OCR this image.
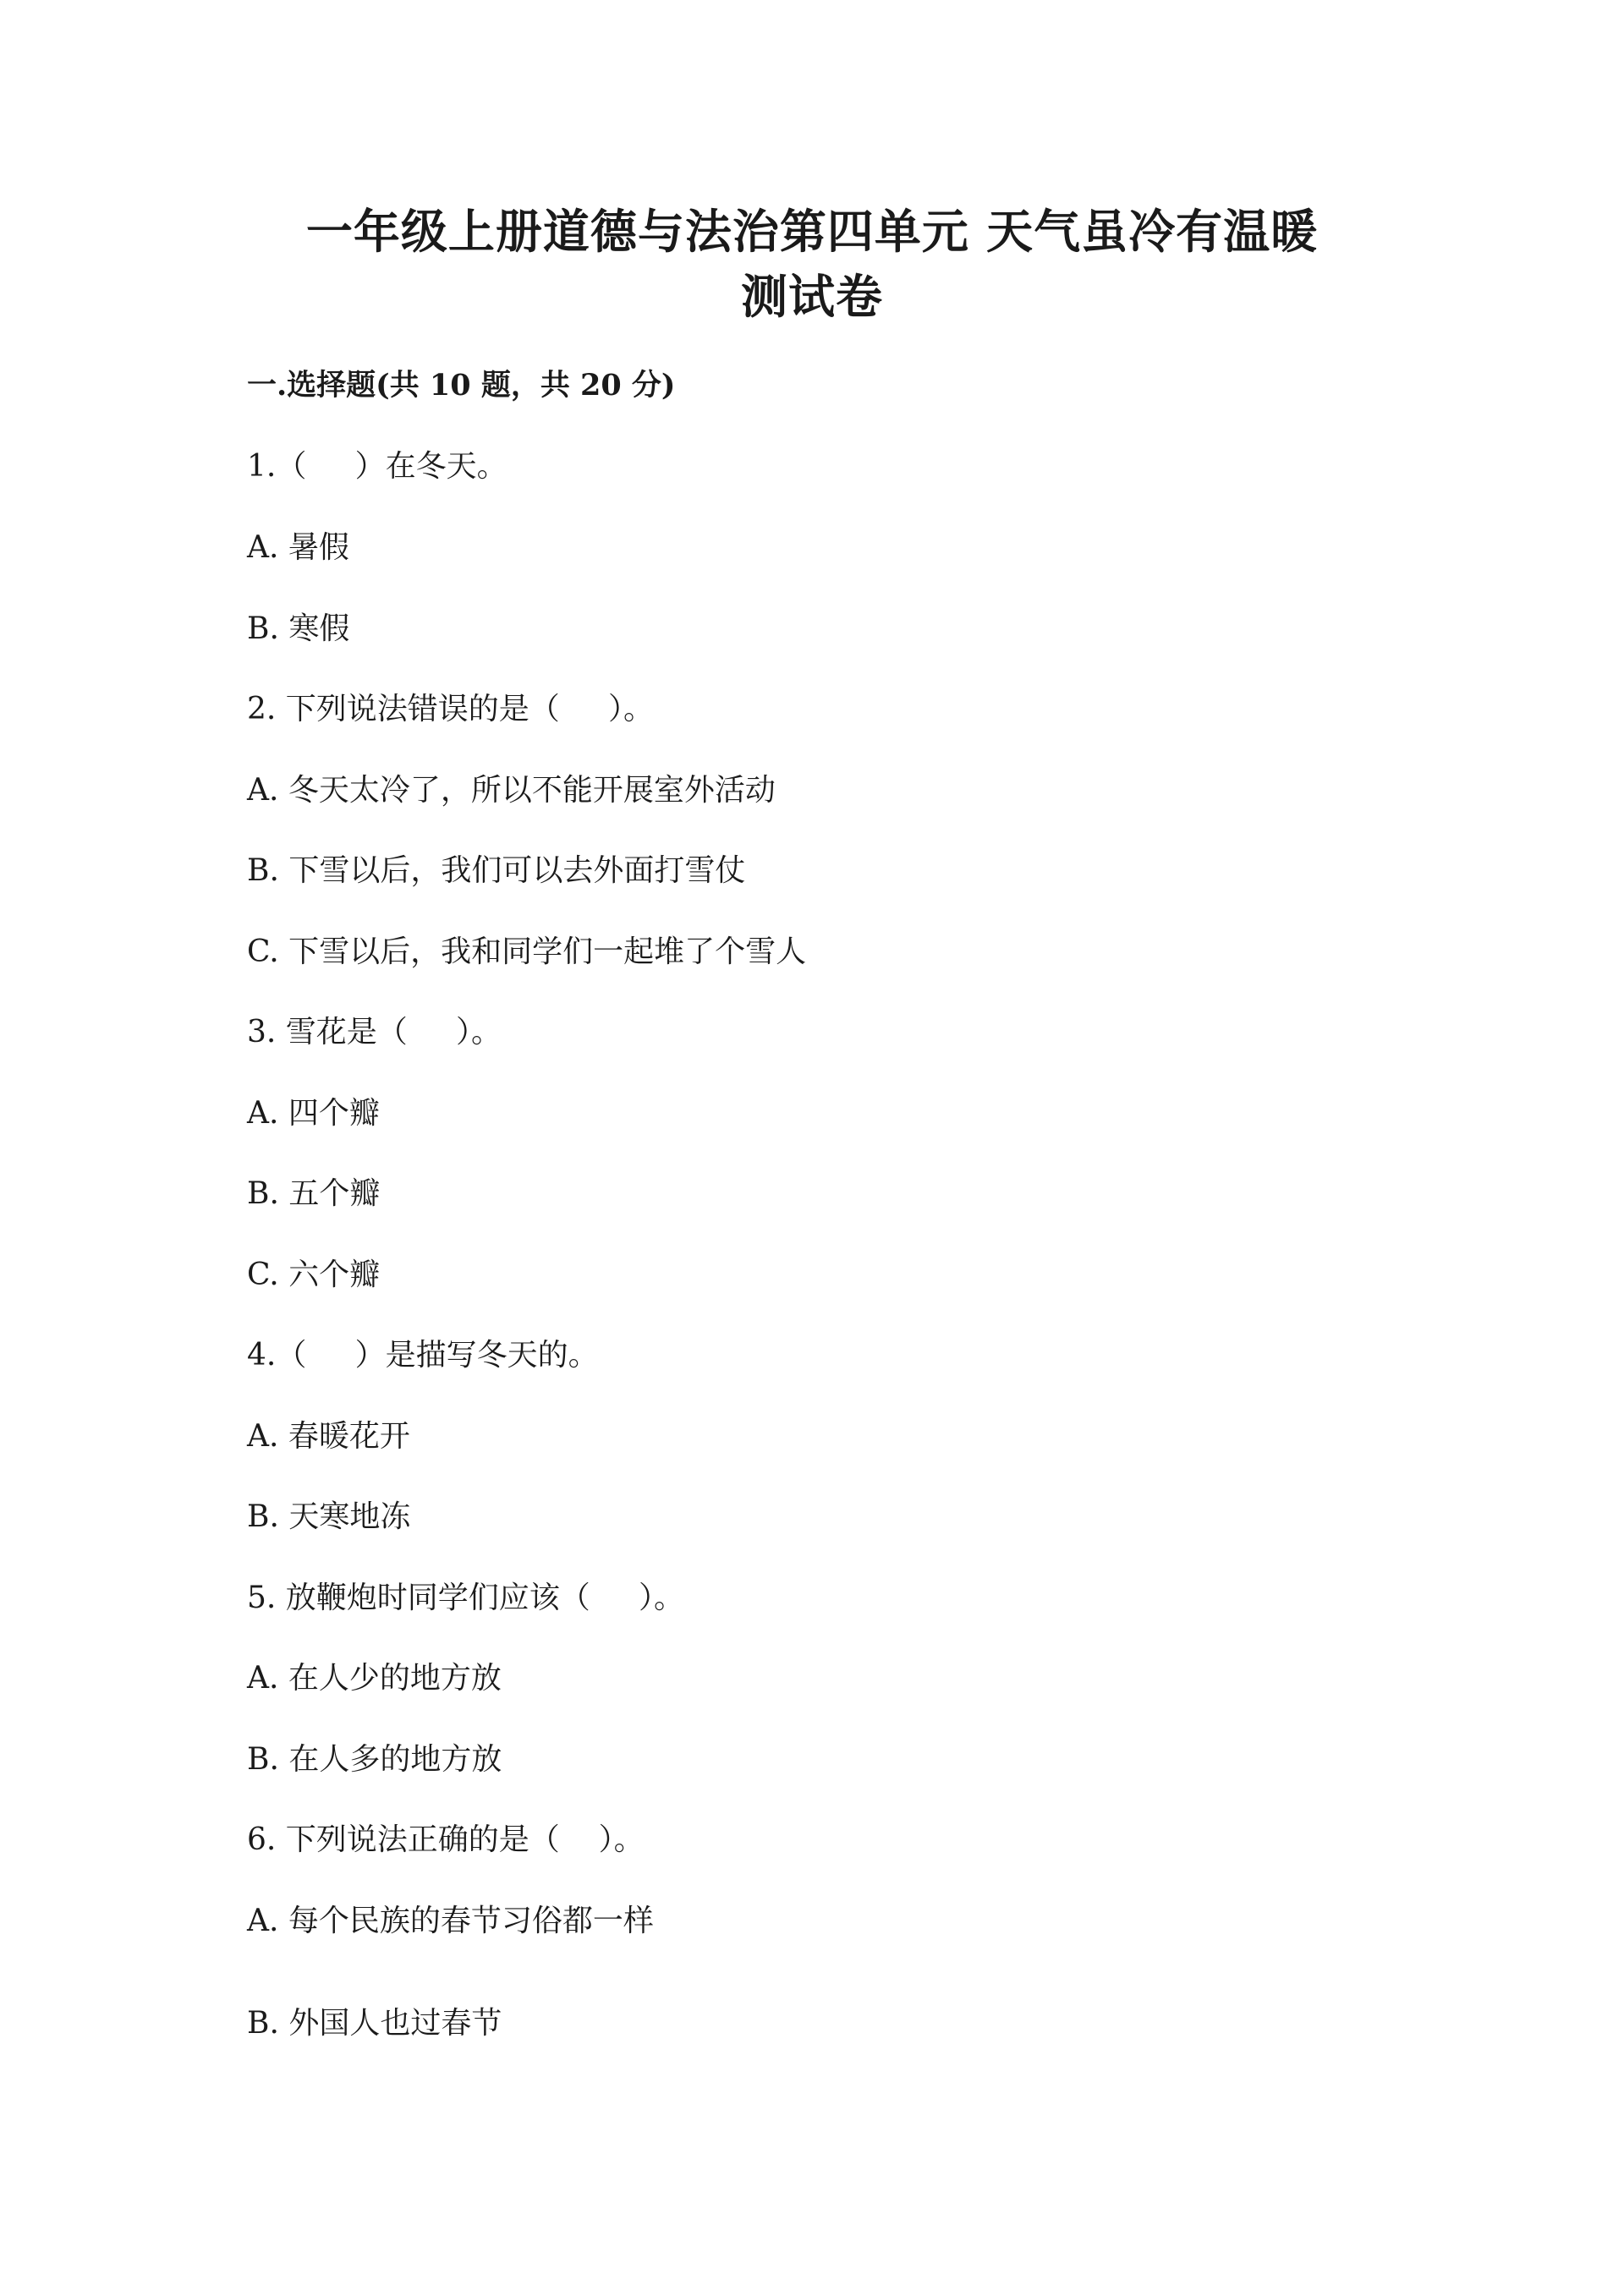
一年级上册道德与法治第四单元 天气虽冷有温暖
测试卷
一.选择题(共 10 题，共 20 分)
1.（     ）在冬天。
A. 暑假
B. 寒假
2. 下列说法错误的是（     ）。
A. 冬天太冷了，所以不能开展室外活动
B. 下雪以后，我们可以去外面打雪仗
C. 下雪以后，我和同学们一起堆了个雪人
3. 雪花是（     ）。
A. 四个瓣
B. 五个瓣
C. 六个瓣
4.（     ）是描写冬天的。
A. 春暖花开
B. 天寒地冻
5. 放鞭炮时同学们应该（     ）。
A. 在人少的地方放
B. 在人多的地方放
6. 下列说法正确的是（    ）。
A. 每个民族的春节习俗都一样
B. 外国人也过春节
